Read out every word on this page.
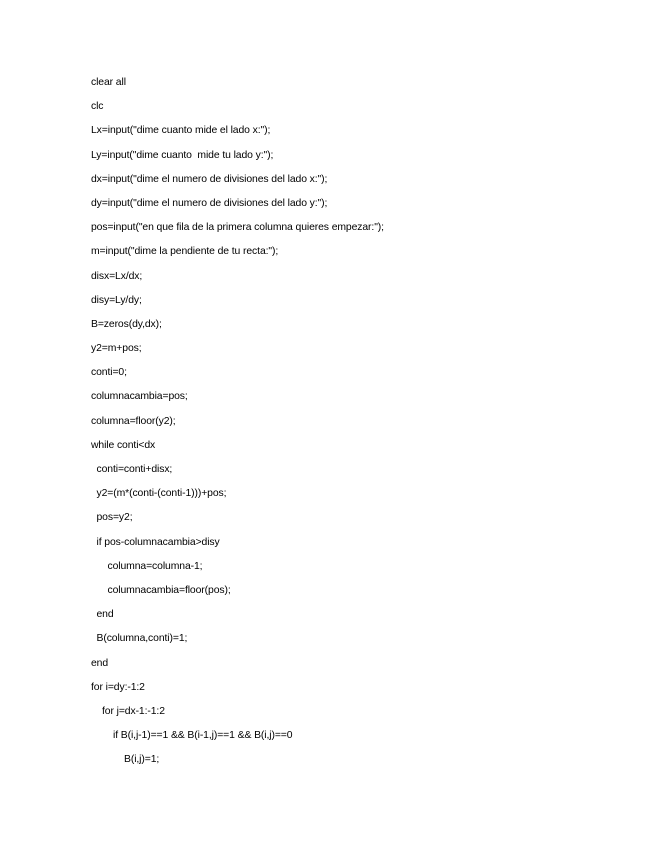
clear all
clc
Lx=input("dime cuanto mide el lado x:");
Ly=input("dime cuanto  mide tu lado y:");
dx=input("dime el numero de divisiones del lado x:");
dy=input("dime el numero de divisiones del lado y:");
pos=input("en que fila de la primera columna quieres empezar:");
m=input("dime la pendiente de tu recta:");
disx=Lx/dx;
disy=Ly/dy;
B=zeros(dy,dx);
y2=m+pos;
conti=0;
columnacambia=pos;
columna=floor(y2);
while conti<dx
conti=conti+disx;
y2=(m*(conti-(conti-1)))+pos;
pos=y2;
if pos-columnacambia>disy
columna=columna-1;
columnacambia=floor(pos);
end
B(columna,conti)=1;
end
for i=dy:-1:2
for j=dx-1:-1:2
if B(i,j-1)==1 && B(i-1,j)==1 && B(i,j)==0
B(i,j)=1;
